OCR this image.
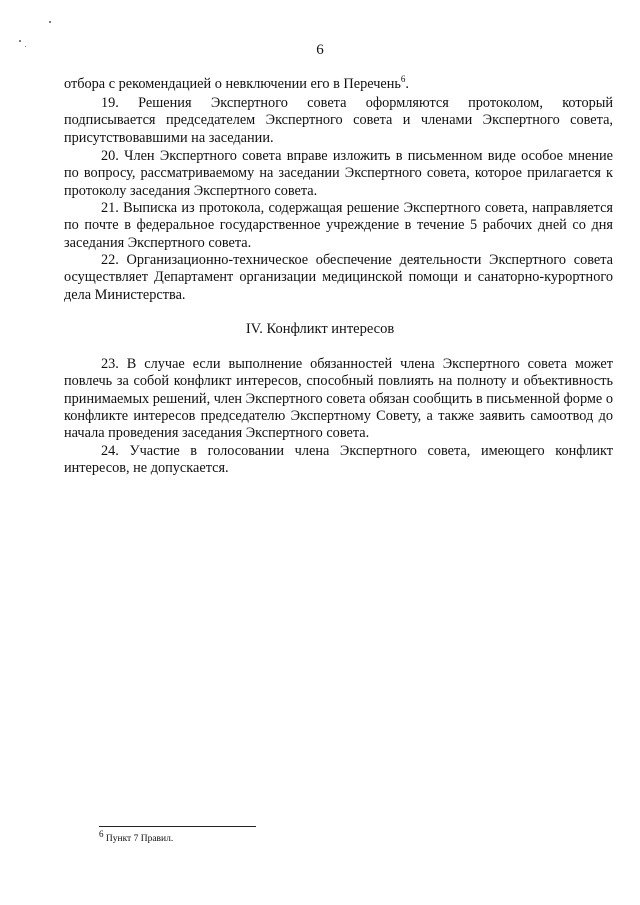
6
отбора с рекомендацией о невключении его в Перечень$^6$.
19. Решения Экспертного совета оформляются протоколом, который подписывается председателем Экспертного совета и членами Экспертного совета, присутствовавшими на заседании.
20. Член Экспертного совета вправе изложить в письменном виде особое мнение по вопросу, рассматриваемому на заседании Экспертного совета, которое прилагается к протоколу заседания Экспертного совета.
21. Выписка из протокола, содержащая решение Экспертного совета, направляется по почте в федеральное государственное учреждение в течение 5 рабочих дней со дня заседания Экспертного совета.
22. Организационно-техническое обеспечение деятельности Экспертного совета осуществляет Департамент организации медицинской помощи и санаторно-курортного дела Министерства.
IV. Конфликт интересов
23. В случае если выполнение обязанностей члена Экспертного совета может повлечь за собой конфликт интересов, способный повлиять на полноту и объективность принимаемых решений, член Экспертного совета обязан сообщить в письменной форме о конфликте интересов председателю Экспертному Совету, а также заявить самоотвод до начала проведения заседания Экспертного совета.
24. Участие в голосовании члена Экспертного совета, имеющего конфликт интересов, не допускается.
$^6$ Пункт 7 Правил.
